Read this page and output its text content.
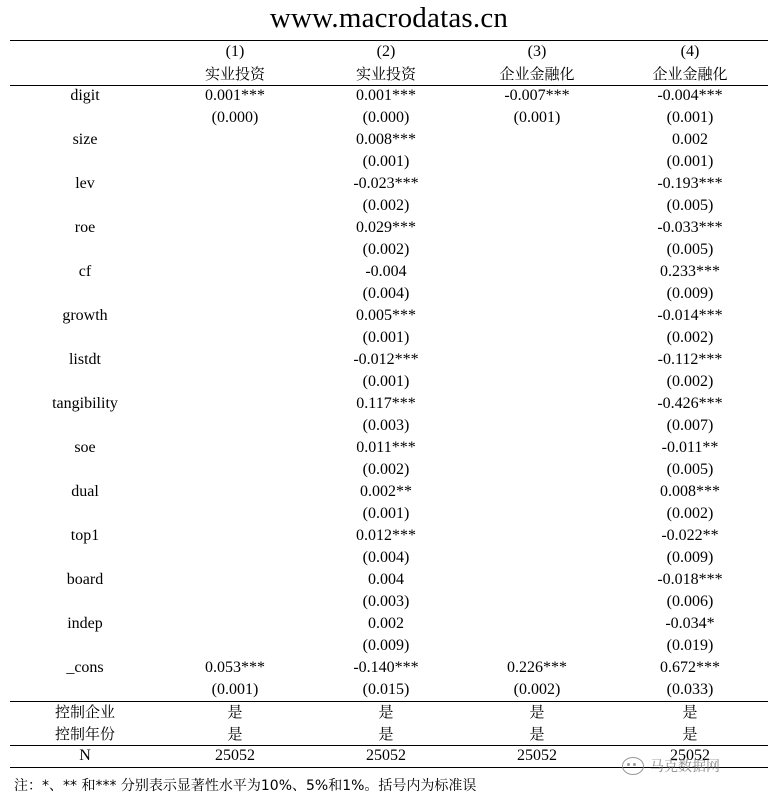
www.macrodatas.cn
	(1)	(2)	(3)	(4)
	实业投资	实业投资	企业金融化	企业金融化
digit	0.001***	0.001***	-0.007***	-0.004***
	(0.000)	(0.000)	(0.001)	(0.001)
size		0.008***		0.002
		(0.001)		(0.001)
lev		-0.023***		-0.193***
		(0.002)		(0.005)
roe		0.029***		-0.033***
		(0.002)		(0.005)
cf		-0.004		0.233***
		(0.004)		(0.009)
growth		0.005***		-0.014***
		(0.001)		(0.002)
listdt		-0.012***		-0.112***
		(0.001)		(0.002)
tangibility		0.117***		-0.426***
		(0.003)		(0.007)
soe		0.011***		-0.011**
		(0.002)		(0.005)
dual		0.002**		0.008***
		(0.001)		(0.002)
top1		0.012***		-0.022**
		(0.004)		(0.009)
board		0.004		-0.018***
		(0.003)		(0.006)
indep		0.002		-0.034*
		(0.009)		(0.019)
_cons	0.053***	-0.140***	0.226***	0.672***
	(0.001)	(0.015)	(0.002)	(0.033)
控制企业	是	是	是	是
控制年份	是	是	是	是
N	25052	25052	25052	25052
注：*、** 和*** 分别表示显著性水平为10%、5%和1%。括号内为标准误
马克数据网
